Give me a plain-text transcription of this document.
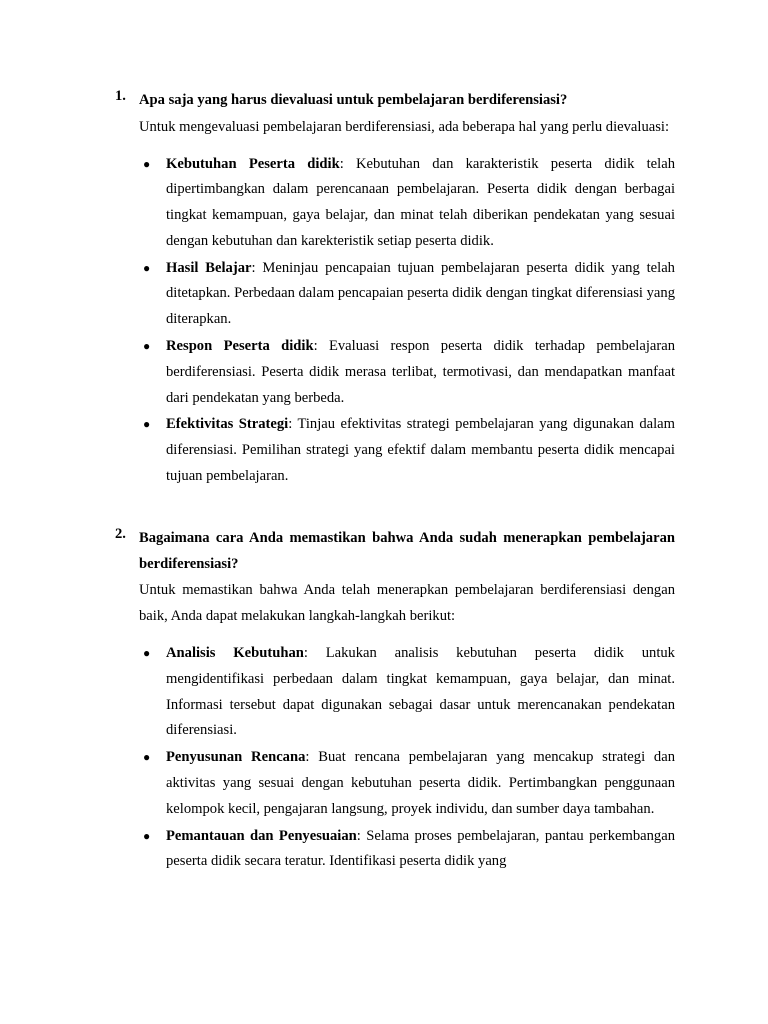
1. Apa saja yang harus dievaluasi untuk pembelajaran berdiferensiasi?
Untuk mengevaluasi pembelajaran berdiferensiasi, ada beberapa hal yang perlu dievaluasi:
● Kebutuhan Peserta didik: Kebutuhan dan karakteristik peserta didik telah dipertimbangkan dalam perencanaan pembelajaran. Peserta didik dengan berbagai tingkat kemampuan, gaya belajar, dan minat telah diberikan pendekatan yang sesuai dengan kebutuhan dan karekteristik setiap peserta didik.
● Hasil Belajar: Meninjau pencapaian tujuan pembelajaran peserta didik yang telah ditetapkan. Perbedaan dalam pencapaian peserta didik dengan tingkat diferensiasi yang diterapkan.
● Respon Peserta didik: Evaluasi respon peserta didik terhadap pembelajaran berdiferensiasi. Peserta didik merasa terlibat, termotivasi, dan mendapatkan manfaat dari pendekatan yang berbeda.
● Efektivitas Strategi: Tinjau efektivitas strategi pembelajaran yang digunakan dalam diferensiasi. Pemilihan strategi yang efektif dalam membantu peserta didik mencapai tujuan pembelajaran.
2. Bagaimana cara Anda memastikan bahwa Anda sudah menerapkan pembelajaran berdiferensiasi?
Untuk memastikan bahwa Anda telah menerapkan pembelajaran berdiferensiasi dengan baik, Anda dapat melakukan langkah-langkah berikut:
● Analisis Kebutuhan: Lakukan analisis kebutuhan peserta didik untuk mengidentifikasi perbedaan dalam tingkat kemampuan, gaya belajar, dan minat. Informasi tersebut dapat digunakan sebagai dasar untuk merencanakan pendekatan diferensiasi.
● Penyusunan Rencana: Buat rencana pembelajaran yang mencakup strategi dan aktivitas yang sesuai dengan kebutuhan peserta didik. Pertimbangkan penggunaan kelompok kecil, pengajaran langsung, proyek individu, dan sumber daya tambahan.
● Pemantauan dan Penyesuaian: Selama proses pembelajaran, pantau perkembangan peserta didik secara teratur. Identifikasi peserta didik yang
